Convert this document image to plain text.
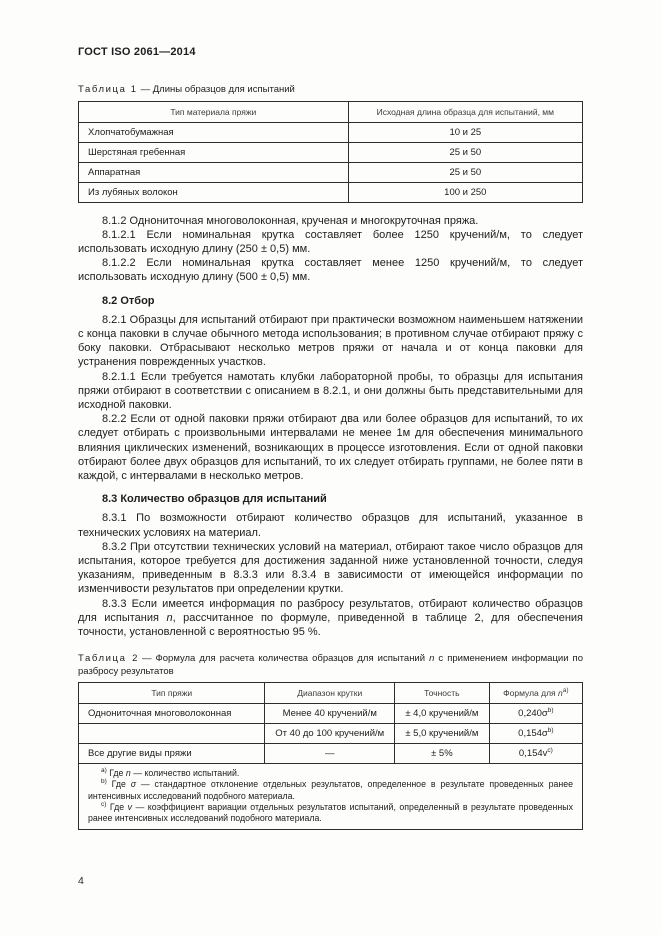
ГОСТ ISO 2061—2014

Таблица 1 — Длины образцов для испытаний

Тип материала пряжи	Исходная длина образца для испытаний, мм
Хлопчатобумажная	10 и 25
Шерстяная гребенная	25 и 50
Аппаратная	25 и 50
Из лубяных волокон	100 и 250

8.1.2 Однониточная многоволоконная, крученая и многокруточная пряжа.

8.1.2.1 Если номинальная крутка составляет более 1250 кручений/м, то следует использовать исходную длину (250 ± 0,5) мм.

8.1.2.2 Если номинальная крутка составляет менее 1250 кручений/м, то следует использовать исходную длину (500 ± 0,5) мм.

8.2 Отбор

8.2.1 Образцы для испытаний отбирают при практически возможном наименьшем натяжении с конца паковки в случае обычного метода использования; в противном случае отбирают пряжу с боку паковки. Отбрасывают несколько метров пряжи от начала и от конца паковки для устранения поврежденных участков.

8.2.1.1 Если требуется намотать клубки лабораторной пробы, то образцы для испытания пряжи отбирают в соответствии с описанием в 8.2.1, и они должны быть представительными для исходной паковки.

8.2.2 Если от одной паковки пряжи отбирают два или более образцов для испытаний, то их следует отбирать с произвольными интервалами не менее 1м для обеспечения минимального влияния циклических изменений, возникающих в процессе изготовления. Если от одной паковки отбирают более двух образцов для испытаний, то их следует отбирать группами, не более пяти в каждой, с интервалами в несколько метров.

8.3 Количество образцов для испытаний

8.3.1 По возможности отбирают количество образцов для испытаний, указанное в технических условиях на материал.

8.3.2 При отсутствии технических условий на материал, отбирают такое число образцов для испытания, которое требуется для достижения заданной ниже установленной точности, следуя указаниям, приведенным в 8.3.3 или 8.3.4 в зависимости от имеющейся информации по изменчивости результатов при определении крутки.

8.3.3 Если имеется информация по разбросу результатов, отбирают количество образцов для испытания n, рассчитанное по формуле, приведенной в таблице 2, для обеспечения точности, установленной с вероятностью 95 %.

Таблица 2 — Формула для расчета количества образцов для испытаний n с применением информации по разбросу результатов

Тип пряжи	Диапазон крутки	Точность	Формула для $n^{a)}$
Однониточная многоволоконная	Менее 40 кручений/м	± 4,0 кручений/м	$0,240\sigma^{b)}$
	От 40 до 100 кручений/м	± 5,0 кручений/м	$0,154\sigma^{b)}$
Все другие виды пряжи	—	± 5%	$0,154v^{c)}$

$^{a)}$ Где n — количество испытаний.

$^{b)}$ Где σ — стандартное отклонение отдельных результатов, определенное в результате проведенных ранее интенсивных исследований подобного материала.

$^{c)}$ Где v — коэффициент вариации отдельных результатов испытаний, определенный в результате проведенных ранее интенсивных исследований подобного материала.			

4
